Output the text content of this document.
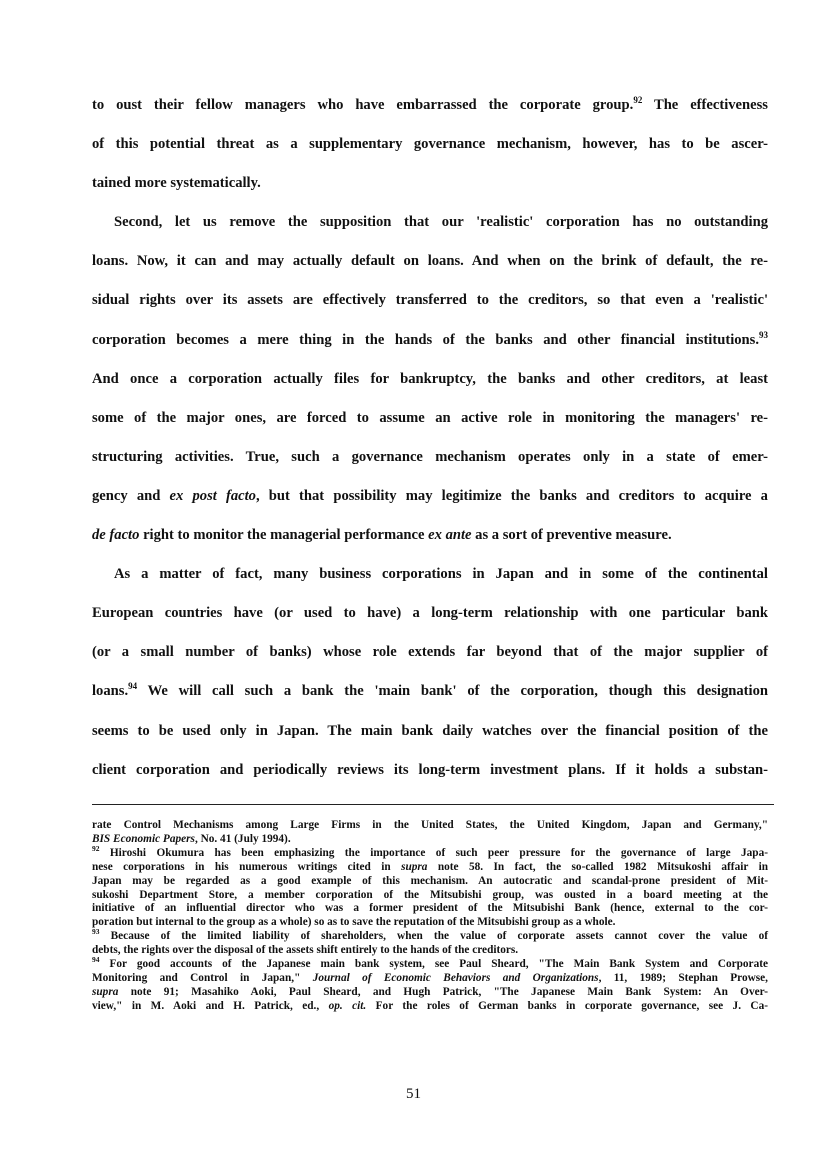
to oust their fellow managers who have embarrassed the corporate group.$^{92}$ The effectiveness
of this potential threat as a supplementary governance mechanism, however, has to be ascer-
tained more systematically.
Second, let us remove the supposition that our 'realistic' corporation has no outstanding
loans. Now, it can and may actually default on loans. And when on the brink of default, the re-
sidual rights over its assets are effectively transferred to the creditors, so that even a 'realistic'
corporation becomes a mere thing in the hands of the banks and other financial institutions.$^{93}$
And once a corporation actually files for bankruptcy, the banks and other creditors, at least
some of the major ones, are forced to assume an active role in monitoring the managers' re-
structuring activities. True, such a governance mechanism operates only in a state of emer-
gency and ex post facto, but that possibility may legitimize the banks and creditors to acquire a
de facto right to monitor the managerial performance ex ante as a sort of preventive measure.
As a matter of fact, many business corporations in Japan and in some of the continental
European countries have (or used to have) a long-term relationship with one particular bank
(or a small number of banks) whose role extends far beyond that of the major supplier of
loans.$^{94}$ We will call such a bank the 'main bank' of the corporation, though this designation
seems to be used only in Japan. The main bank daily watches over the financial position of the
client corporation and periodically reviews its long-term investment plans. If it holds a substan-
rate Control Mechanisms among Large Firms in the United States, the United Kingdom, Japan and Germany,"
BIS Economic Papers, No. 41 (July 1994).
$^{92}$ Hiroshi Okumura has been emphasizing the importance of such peer pressure for the governance of large Japa-
nese corporations in his numerous writings cited in supra note 58. In fact, the so-called 1982 Mitsukoshi affair in
Japan may be regarded as a good example of this mechanism. An autocratic and scandal-prone president of Mit-
sukoshi Department Store, a member corporation of the Mitsubishi group, was ousted in a board meeting at the
initiative of an influential director who was a former president of the Mitsubishi Bank (hence, external to the cor-
poration but internal to the group as a whole) so as to save the reputation of the Mitsubishi group as a whole.
$^{93}$ Because of the limited liability of shareholders, when the value of corporate assets cannot cover the value of
debts, the rights over the disposal of the assets shift entirely to the hands of the creditors.
$^{94}$ For good accounts of the Japanese main bank system, see Paul Sheard, "The Main Bank System and Corporate
Monitoring and Control in Japan," Journal of Economic Behaviors and Organizations, 11, 1989; Stephan Prowse,
supra note 91; Masahiko Aoki, Paul Sheard, and Hugh Patrick, "The Japanese Main Bank System: An Over-
view," in M. Aoki and H. Patrick, ed., op. cit. For the roles of German banks in corporate governance, see J. Ca-
51
